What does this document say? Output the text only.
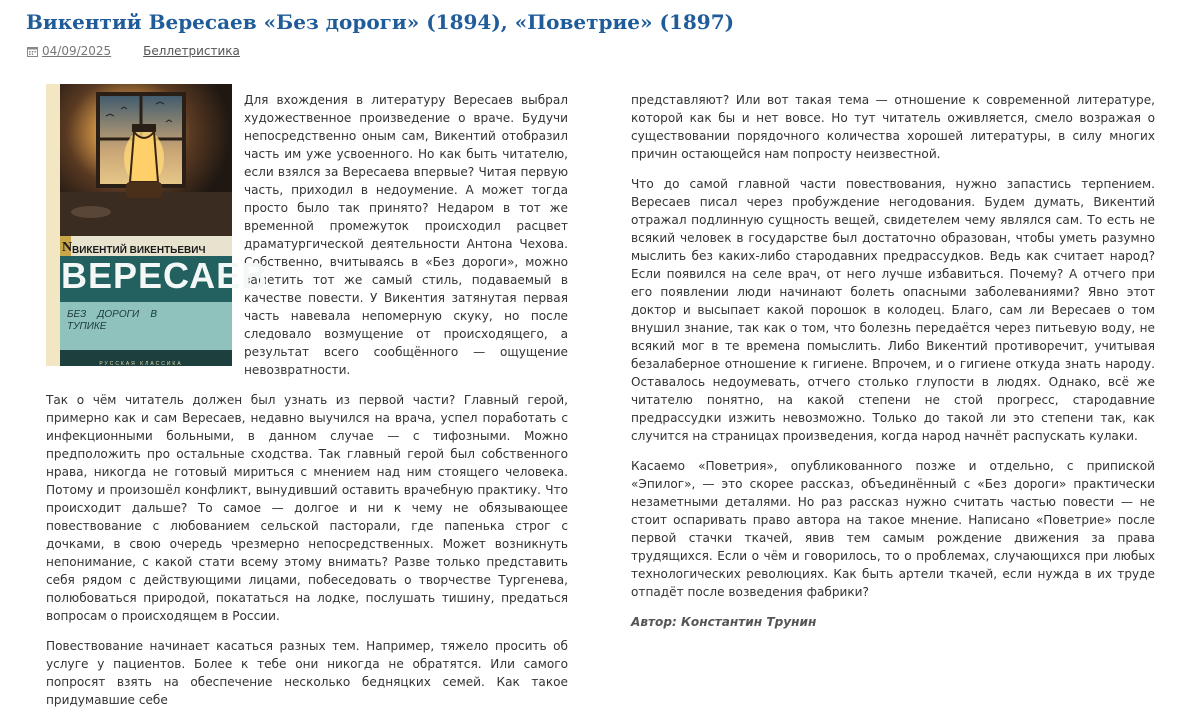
Викентий Вересаев «Без дороги» (1894), «Поветрие» (1897)
04/09/2025	Беллетристика
N ВИКЕНТИЙ ВИКЕНТЬЕВИЧ
ВЕРЕСАЕВ
БЕЗ ДОРОГИ В ТУПИКЕ
РУССКАЯ КЛАССИКА

Для вхождения в литературу Вересаев выбрал художественное произведение о враче. Будучи непосредственно оным сам, Викентий отобразил часть им уже усвоенного. Но как быть читателю, если взялся за Вересаева впервые? Читая первую часть, приходил в недоумение. А может тогда просто было так принято? Недаром в тот же временной промежуток происходил расцвет драматургической деятельности Антона Чехова. Собственно, вчитываясь в «Без дороги», можно заметить тот же самый стиль, подаваемый в качестве повести. У Викентия затянутая первая часть навевала непомерную скуку, но после следовало возмущение от происходящего, а результат всего сообщённого — ощущение невозвратности.

Так о чём читатель должен был узнать из первой части? Главный герой, примерно как и сам Вересаев, недавно выучился на врача, успел поработать с инфекционными больными, в данном случае — с тифозными. Можно предположить про остальные сходства. Так главный герой был собственного нрава, никогда не готовый мириться с мнением над ним стоящего человека. Потому и произошёл конфликт, вынудивший оставить врачебную практику. Что происходит дальше? То самое — долгое и ни к чему не обязывающее повествование с любованием сельской пасторали, где папенька строг с дочками, в свою очередь чрезмерно непосредственных. Может возникнуть непонимание, с какой стати всему этому внимать? Разве только представить себя рядом с действующими лицами, побеседовать о творчестве Тургенева, полюбоваться природой, покататься на лодке, послушать тишину, предаться вопросам о происходящем в России.

Повествование начинает касаться разных тем. Например, тяжело просить об услуге у пациентов. Более к тебе они никогда не обратятся. Или самого попросят взять на обеспечение несколько бедняцких семей. Как такое придумавшие себе

представляют? Или вот такая тема — отношение к современной литературе, которой как бы и нет вовсе. Но тут читатель оживляется, смело возражая о существовании порядочного количества хорошей литературы, в силу многих причин остающейся нам попросту неизвестной.

Что до самой главной части повествования, нужно запастись терпением. Вересаев писал через пробуждение негодования. Будем думать, Викентий отражал подлинную сущность вещей, свидетелем чему являлся сам. То есть не всякий человек в государстве был достаточно образован, чтобы уметь разумно мыслить без каких-либо стародавних предрассудков. Ведь как считает народ? Если появился на селе врач, от него лучше избавиться. Почему? А отчего при его появлении люди начинают болеть опасными заболеваниями? Явно этот доктор и высыпает какой порошок в колодец. Благо, сам ли Вересаев о том внушил знание, так как о том, что болезнь передаётся через питьевую воду, не всякий мог в те времена помыслить. Либо Викентий противоречит, учитывая безалаберное отношение к гигиене. Впрочем, и о гигиене откуда знать народу. Оставалось недоумевать, отчего столько глупости в людях. Однако, всё же читателю понятно, на какой степени не стой прогресс, стародавние предрассудки изжить невозможно. Только до такой ли это степени так, как случится на страницах произведения, когда народ начнёт распускать кулаки.

Касаемо «Поветрия», опубликованного позже и отдельно, с припиской «Эпилог», — это скорее рассказ, объединённый с «Без дороги» практически незаметными деталями. Но раз рассказ нужно считать частью повести — не стоит оспаривать право автора на такое мнение. Написано «Поветрие» после первой стачки ткачей, явив тем самым рождение движения за права трудящихся. Если о чём и говорилось, то о проблемах, случающихся при любых технологических революциях. Как быть артели ткачей, если нужда в их труде отпадёт после возведения фабрики?

Автор: Константин Трунин
